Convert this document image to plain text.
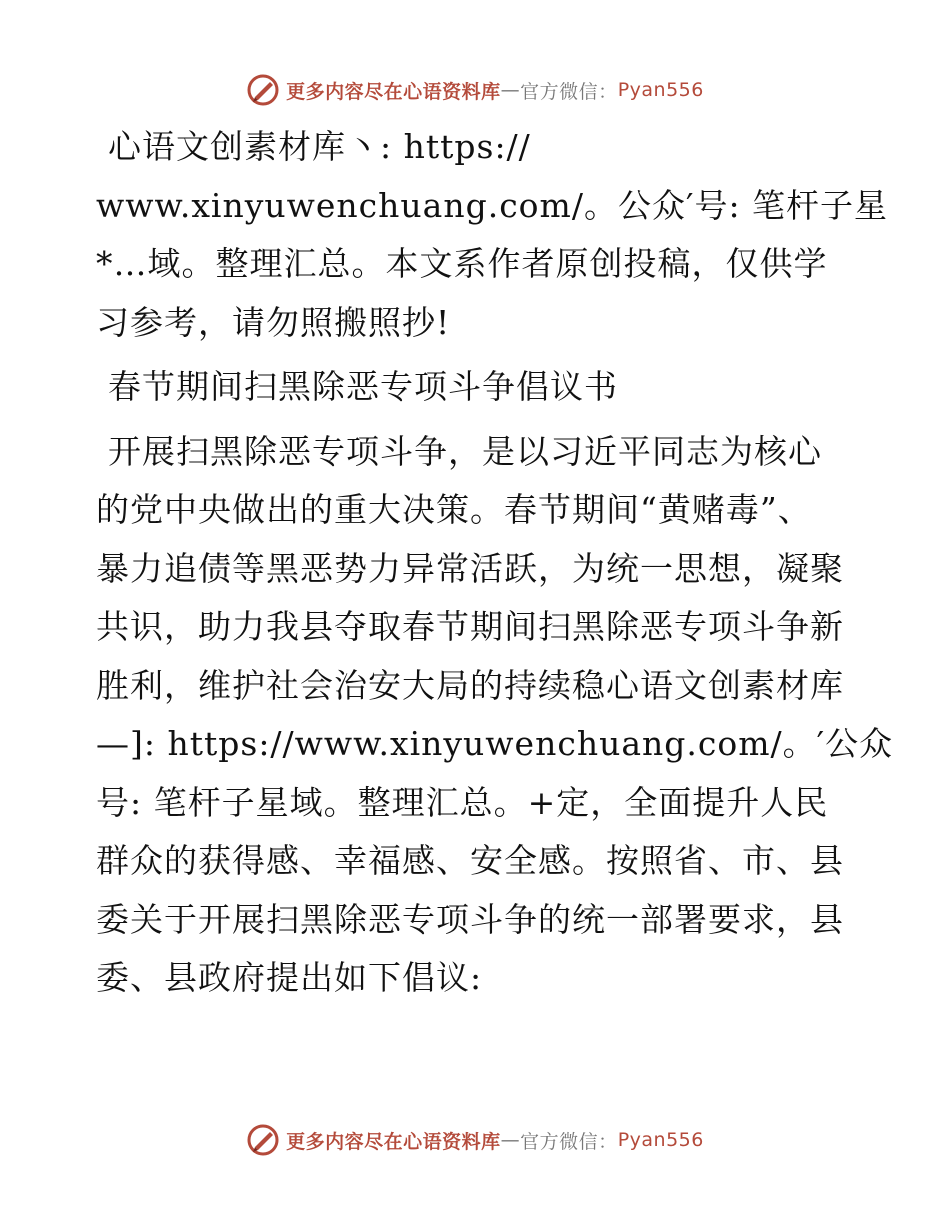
更多内容尽在心语资料库 — 官方微信： Pyan556
心语文创素材库丶: https://
www.xinyuwenchuang.com/。公众′号: 笔杆子星
*…域。整理汇总。本文系作者原创投稿，仅供学
习参考，请勿照搬照抄!
春节期间扫黑除恶专项斗争倡议书
开展扫黑除恶专项斗争，是以习近平同志为核心
的党中央做出的重大决策。春节期间“黄赌毒”、
暴力追债等黑恶势力异常活跃，为统一思想，凝聚
共识，助力我县夺取春节期间扫黑除恶专项斗争新
胜利，维护社会治安大局的持续稳心语文创素材库
—]: https://www.xinyuwenchuang.com/。′公众
号: 笔杆子星域。整理汇总。+定，全面提升人民
群众的获得感、幸福感、安全感。按照省、市、县
委关于开展扫黑除恶专项斗争的统一部署要求，县
委、县政府提出如下倡议:
更多内容尽在心语资料库 — 官方微信： Pyan556
